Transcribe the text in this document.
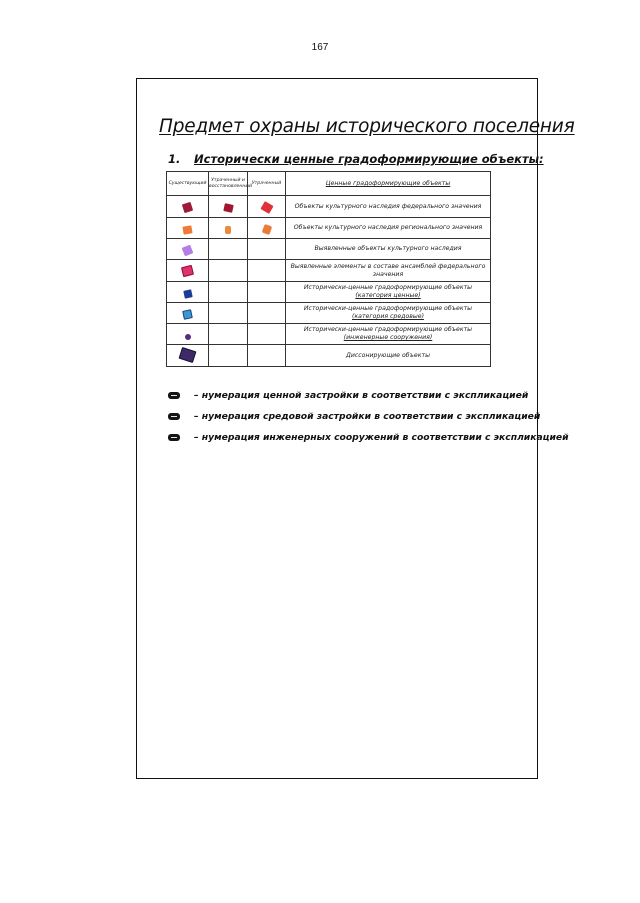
167
Предмет охраны исторического поселения
1. Исторически ценные градоформирующие объекты:
Существующий	Утраченный и восстановленный	Утраченный	Ценные градоформирующие объекты
			Объекты культурного наследия федерального значения
			Объекты культурного наследия регионального значения
			Выявленные объекты культурного наследия
			Выявленные элементы в составе ансамблей федерального значения
			Исторически-ценные градоформирующие объекты
(категория ценные)
			Исторически-ценные градоформирующие объекты
(категория средовые)
			Исторически-ценные градоформирующие объекты
(инженерные сооружения)
			Диссонирующие объекты
– нумерация ценной застройки в соответствии с экспликацией
– нумерация средовой застройки в соответствии с экспликацией
– нумерация инженерных сооружений в соответствии с экспликацией
